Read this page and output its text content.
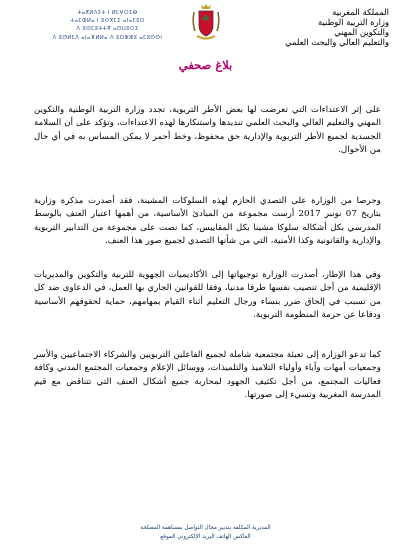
المملكة المغربية
وزارة التربية الوطنية
والتكوين المهني
والتعليم العالي والبحث العلمي
ⵜⴰⴳⵍⴷⵉⵜ ⵏ ⵍⵎⵖⵔⵉⴱ
ⵜⴰⵎⵀⵍⴰ ⵏ ⵓⵙⴳⵎⵉ ⴰⵏⴰⵎⵓⵔ
ⴷ ⵓⵙⵎⵓⵜⵜⴳ ⴰⵙⵡⵓⵔⵉ
ⴷ ⵓⵚⵍⵎⴷ ⴰⵏⴰⴼⵍⵍⴰ ⴷ ⵓⵔⵣⵣⵓ ⴰⵎⵓⵙⵙⵏ
بلاغ صحفي

على إثر الاعتداءات التي تعرضت لها بعض الأطر التربوية، تجدد وزارة التربية الوطنية والتكوين المهني والتعليم العالي والبحث العلمي تنديدها واستنكارها لهذه الاعتداءات، وتؤكد على أن السلامة الجسدية لجميع الأطر التربوية والإدارية حق محفوظ، وخط أحمر لا يمكن المساس به في أي حال من الأحوال.

وحرصا من الوزارة على التصدي الحازم لهذه السلوكات المشينة، فقد أصدرت مذكرة وزارية بتاريخ 07 نونبر 2017 أرست مجموعة من المبادئ الأساسية، من أهمها اعتبار العنف بالوسط المدرسي بكل أشكاله سلوكا مشينا بكل المقاييس، كما نصت على مجموعة من التدابير التربوية والإدارية والقانونية وكذا الأمنية، التي من شأنها التصدي لجميع صور هذا العنف.

وفي هذا الإطار، أصدرت الوزارة توجيهاتها إلى الأكاديميات الجهوية للتربية والتكوين والمديريات الإقليمية من أجل تنصيب نفسها طرفا مدنيا، وفقا للقوانين الجاري بها العمل، في الدعاوى ضد كل من تسبب في إلحاق ضرر بنساء ورجال التعليم أثناء القيام بمهامهم، حماية لحقوقهم الأساسية ودفاعا عن حرمة المنظومة التربوية.

كما تدعو الوزارة إلى تعبئة مجتمعية شاملة لجميع الفاعلين التربويين والشركاء الاجتماعيين والأسر وجمعيات أمهات وآباء وأولياء التلاميذ والتلميذات، ووسائل الإعلام وجمعيات المجتمع المدني وكافة فعاليات المجتمع، من أجل تكثيف الجهود لمحاربة جميع أشكال العنف التي تتناقض مع قيم المدرسة المغربية وتسيء إلى صورتها.

المديرية المكلفة بتدبير مجال التواصل بمساهمة المصلحة
الفاكس الهاتف البريد الإلكتروني الموقع
